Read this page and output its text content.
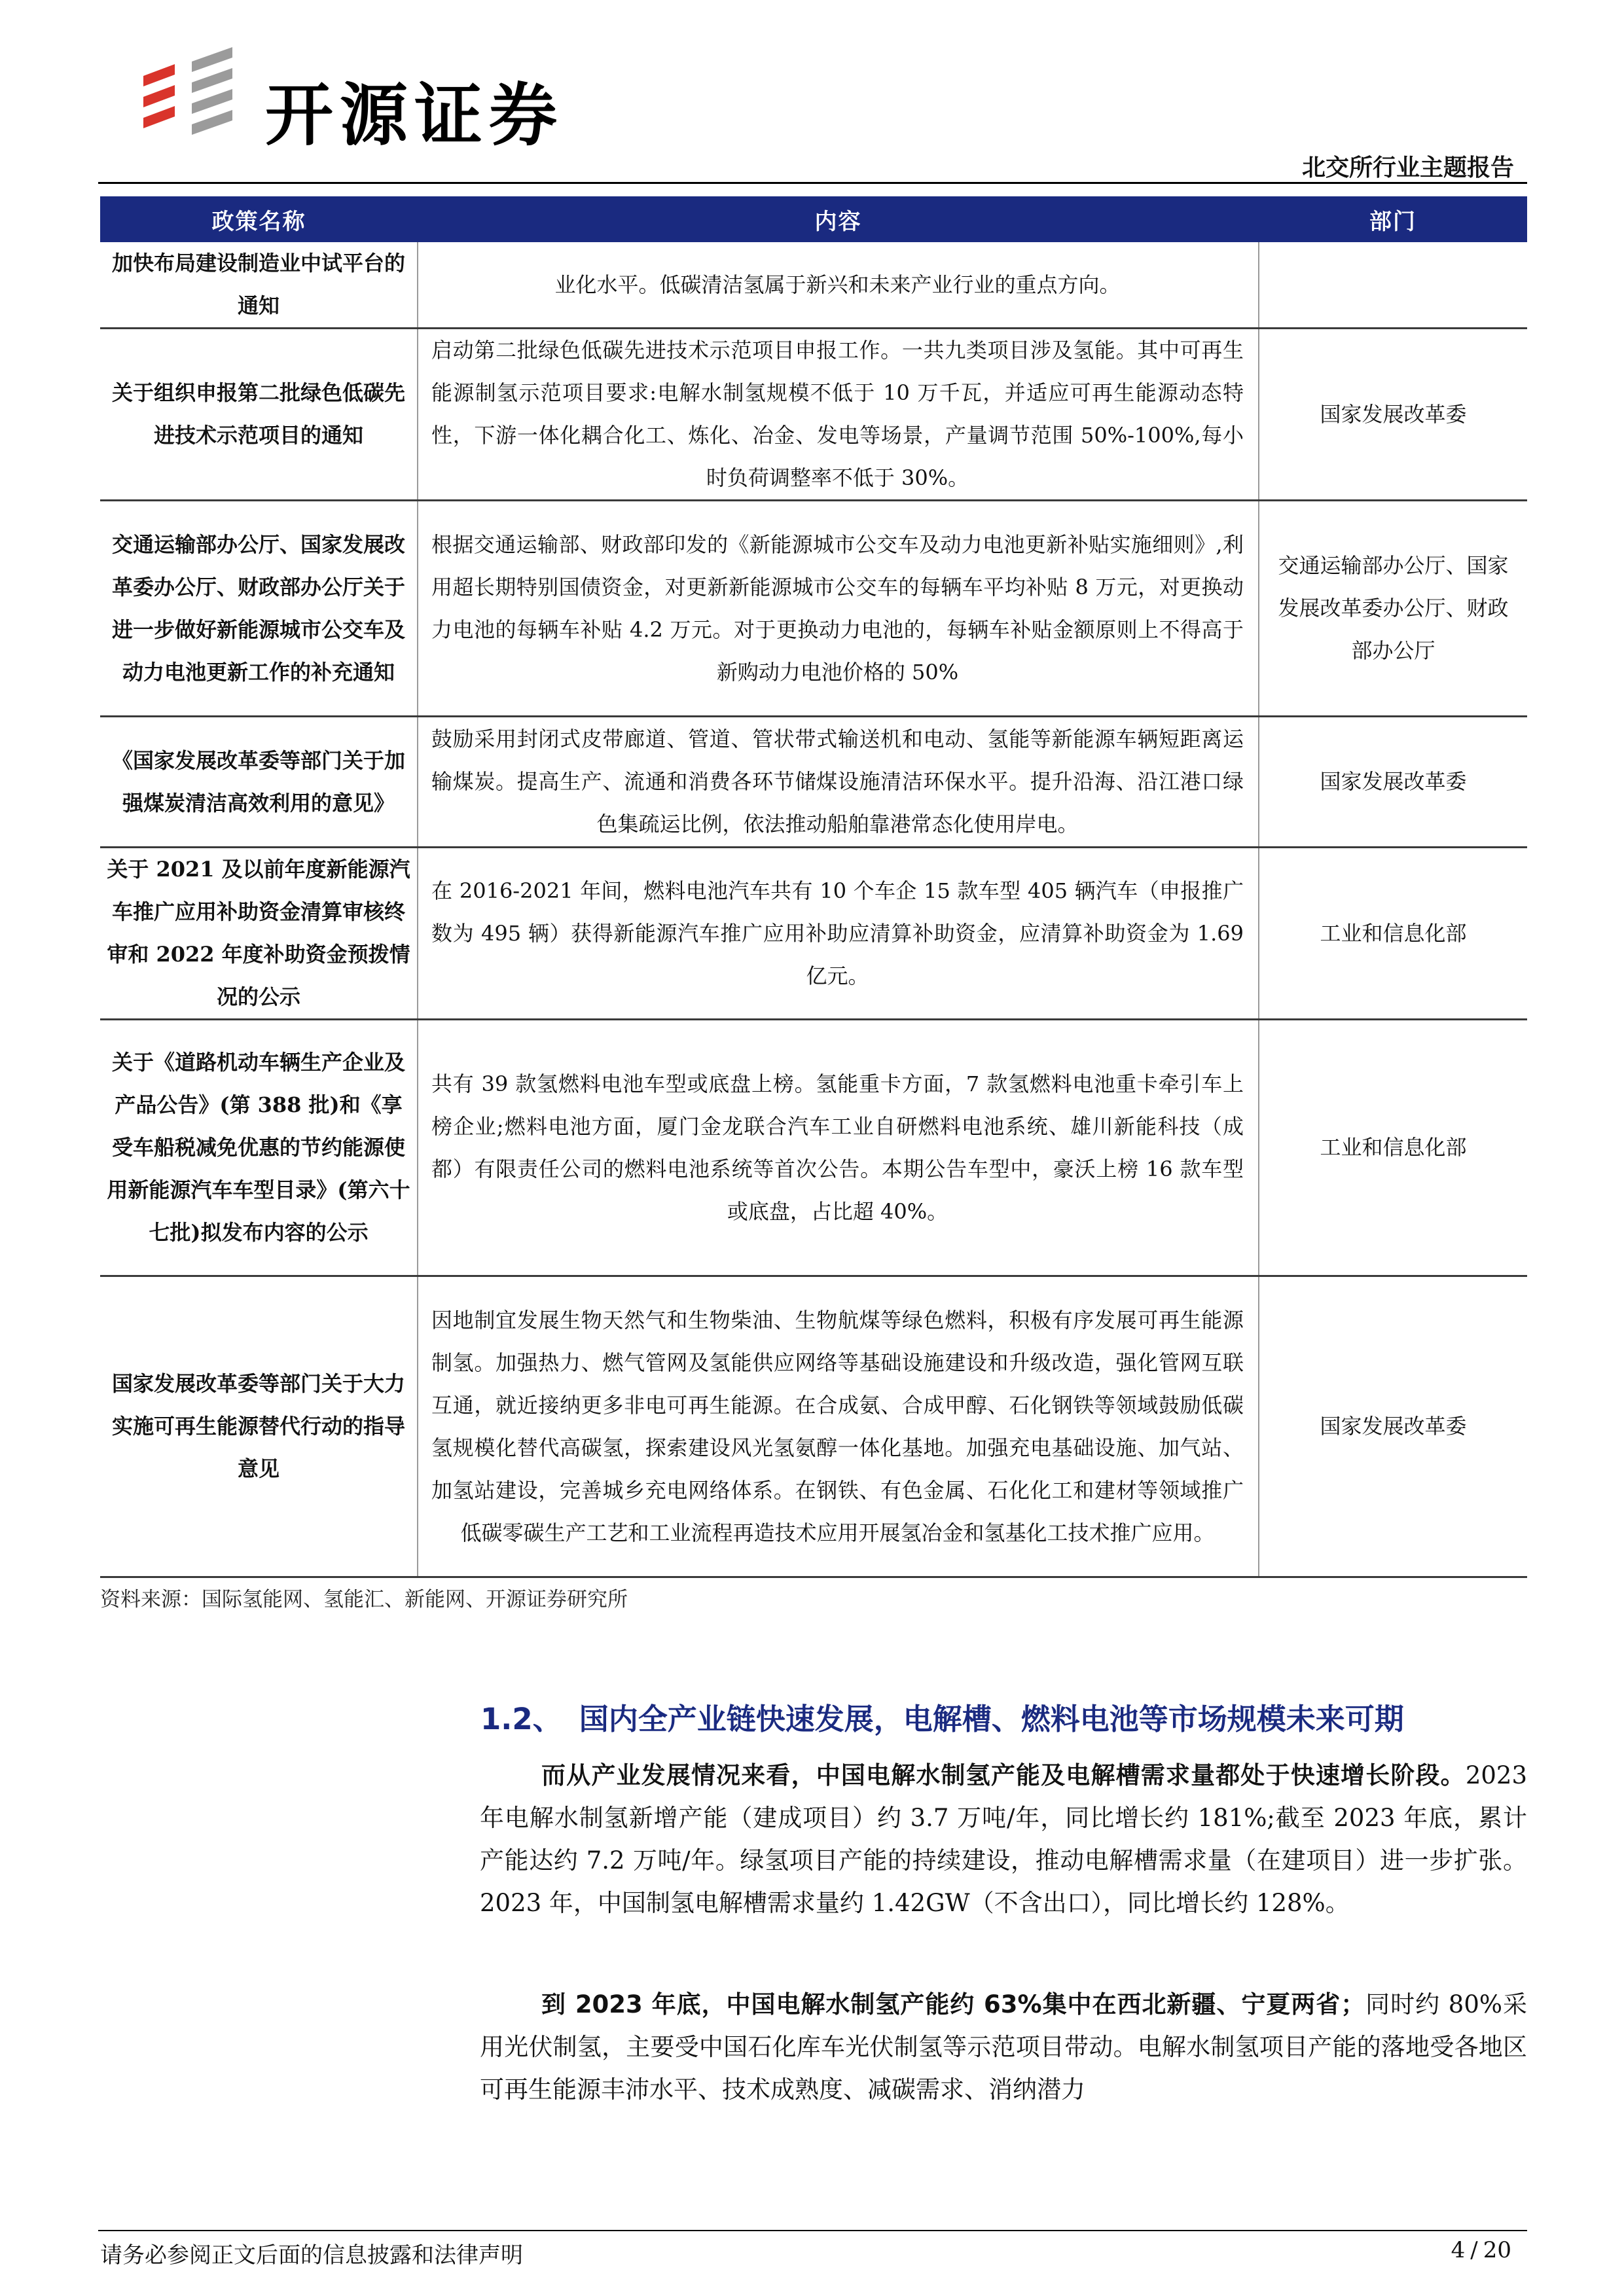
开源证券
北交所行业主题报告
政策名称	内容	部门
加快布局建设制造业中试平台的通知	业化水平。低碳清洁氢属于新兴和未来产业行业的重点方向。	
关于组织申报第二批绿色低碳先进技术示范项目的通知	启动第二批绿色低碳先进技术示范项目申报工作。一共九类项目涉及氢能。其中可再生能源制氢示范项目要求:电解水制氢规模不低于 10 万千瓦，并适应可再生能源动态特性，下游一体化耦合化工、炼化、冶金、发电等场景，产量调节范围 50%-100%,每小时负荷调整率不低于 30%。	国家发展改革委
交通运输部办公厅、国家发展改革委办公厅、财政部办公厅关于进一步做好新能源城市公交车及动力电池更新工作的补充通知	根据交通运输部、财政部印发的《新能源城市公交车及动力电池更新补贴实施细则》,利用超长期特别国债资金，对更新新能源城市公交车的每辆车平均补贴 8 万元，对更换动力电池的每辆车补贴 4.2 万元。对于更换动力电池的，每辆车补贴金额原则上不得高于新购动力电池价格的 50%	交通运输部办公厅、国家发展改革委办公厅、财政部办公厅
《国家发展改革委等部门关于加强煤炭清洁高效利用的意见》	鼓励采用封闭式皮带廊道、管道、管状带式输送机和电动、氢能等新能源车辆短距离运输煤炭。提高生产、流通和消费各环节储煤设施清洁环保水平。提升沿海、沿江港口绿色集疏运比例，依法推动船舶靠港常态化使用岸电。	国家发展改革委
关于 2021 及以前年度新能源汽车推广应用补助资金清算审核终审和 2022 年度补助资金预拨情况的公示	在 2016-2021 年间，燃料电池汽车共有 10 个车企 15 款车型 405 辆汽车（申报推广数为 495 辆）获得新能源汽车推广应用补助应清算补助资金，应清算补助资金为 1.69 亿元。	工业和信息化部
关于《道路机动车辆生产企业及产品公告》(第 388 批)和《享受车船税减免优惠的节约能源使用新能源汽车车型目录》(第六十七批)拟发布内容的公示	共有 39 款氢燃料电池车型或底盘上榜。氢能重卡方面，7 款氢燃料电池重卡牵引车上榜企业;燃料电池方面，厦门金龙联合汽车工业自研燃料电池系统、雄川新能科技（成都）有限责任公司的燃料电池系统等首次公告。本期公告车型中，豪沃上榜 16 款车型或底盘，占比超 40%。	工业和信息化部
国家发展改革委等部门关于大力实施可再生能源替代行动的指导意见	因地制宜发展生物天然气和生物柴油、生物航煤等绿色燃料，积极有序发展可再生能源制氢。加强热力、燃气管网及氢能供应网络等基础设施建设和升级改造，强化管网互联互通，就近接纳更多非电可再生能源。在合成氨、合成甲醇、石化钢铁等领域鼓励低碳氢规模化替代高碳氢，探索建设风光氢氨醇一体化基地。加强充电基础设施、加气站、加氢站建设，完善城乡充电网络体系。在钢铁、有色金属、石化化工和建材等领域推广低碳零碳生产工艺和工业流程再造技术应用开展氢冶金和氢基化工技术推广应用。	国家发展改革委
资料来源：国际氢能网、氢能汇、新能网、开源证券研究所
1.2、 国内全产业链快速发展，电解槽、燃料电池等市场规模未来可期

而从产业发展情况来看，中国电解水制氢产能及电解槽需求量都处于快速增长阶段。2023 年电解水制氢新增产能（建成项目）约 3.7 万吨/年，同比增长约 181%;截至 2023 年底，累计产能达约 7.2 万吨/年。绿氢项目产能的持续建设，推动电解槽需求量（在建项目）进一步扩张。2023 年，中国制氢电解槽需求量约 1.42GW（不含出口），同比增长约 128%。

到 2023 年底，中国电解水制氢产能约 63%集中在西北新疆、宁夏两省；同时约 80%采用光伏制氢，主要受中国石化库车光伏制氢等示范项目带动。电解水制氢项目产能的落地受各地区可再生能源丰沛水平、技术成熟度、减碳需求、消纳潜力

请务必参阅正文后面的信息披露和法律声明	4 / 20
